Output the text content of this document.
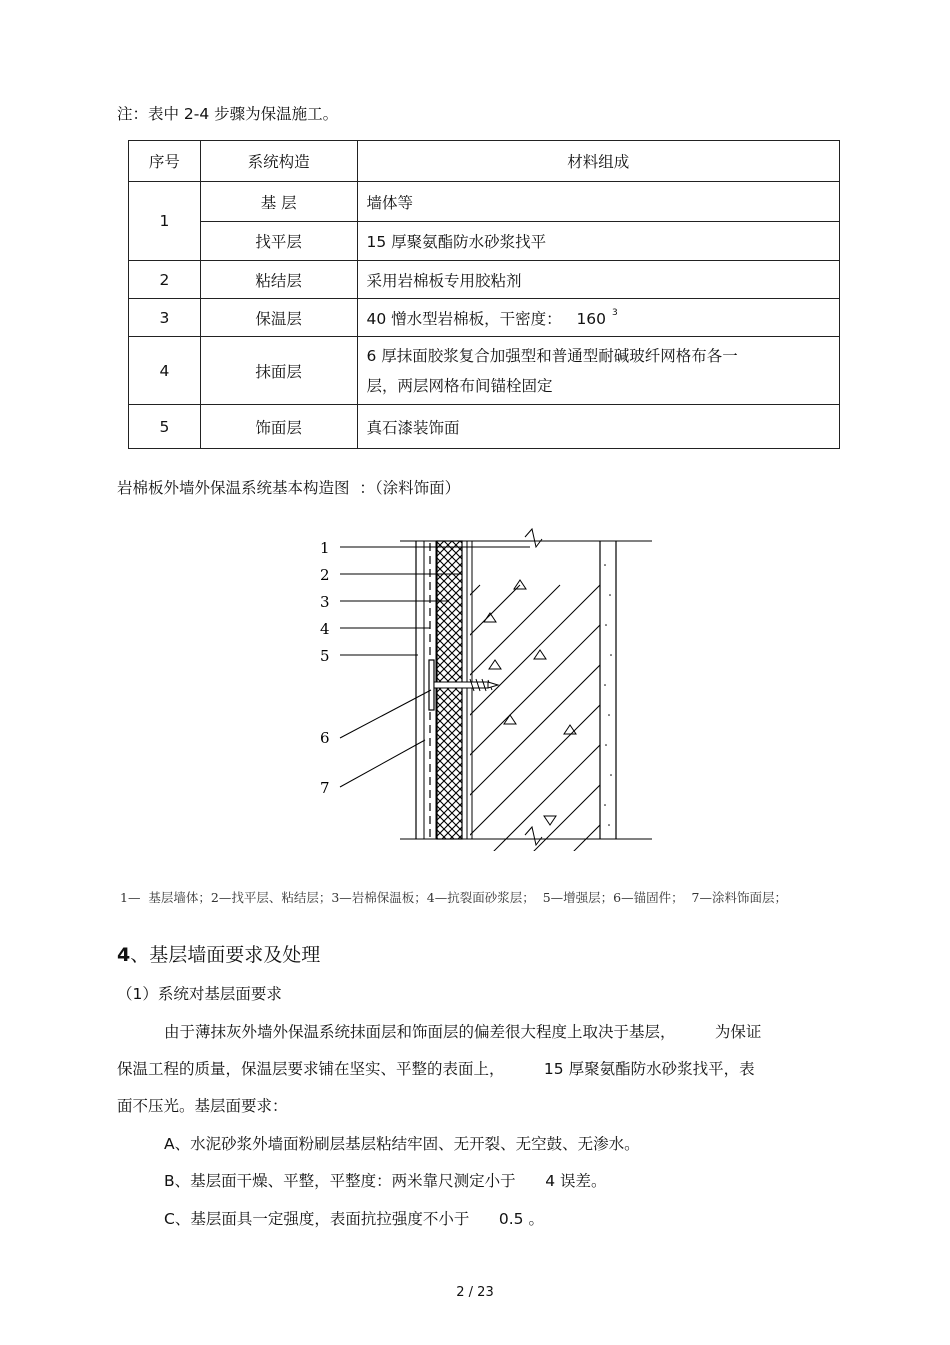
注：表中 2-4 步骤为保温施工。
序号	系统构造	材料组成
1	基 层	墙体等
	找平层	15 厚聚氨酯防水砂浆找平
2	粘结层	采用岩棉板专用胶粘剂
3	保温层	40 憎水型岩棉板，干密度：   160 $^3$
4	抹面层	6 厚抹面胶浆复合加强型和普通型耐碱玻纤网格布各一
层，两层网格布间锚栓固定

5	饰面层	真石漆装饰面
岩棉板外墙外保温系统基本构造图  ：（涂料饰面）
1
2
3
4
5
6
7
1—  基层墙体；2—找平层、粘结层；3—岩棉保温板；4—抗裂面砂浆层；  5—增强层；6—锚固件；  7—涂料饰面层；
4、基层墙面要求及处理
（1）系统对基层面要求
由于薄抹灰外墙外保温系统抹面层和饰面层的偏差很大程度上取决于基层，        为保证
保温工程的质量，保温层要求铺在坚实、平整的表面上，        15 厚聚氨酯防水砂浆找平，表
面不压光。基层面要求：
A、水泥砂浆外墙面粉刷层基层粘结牢固、无开裂、无空鼓、无渗水。
B、基层面干燥、平整，平整度：两米靠尺测定小于      4 误差。
C、基层面具一定强度，表面抗拉强度不小于      0.5 。
2 / 23
